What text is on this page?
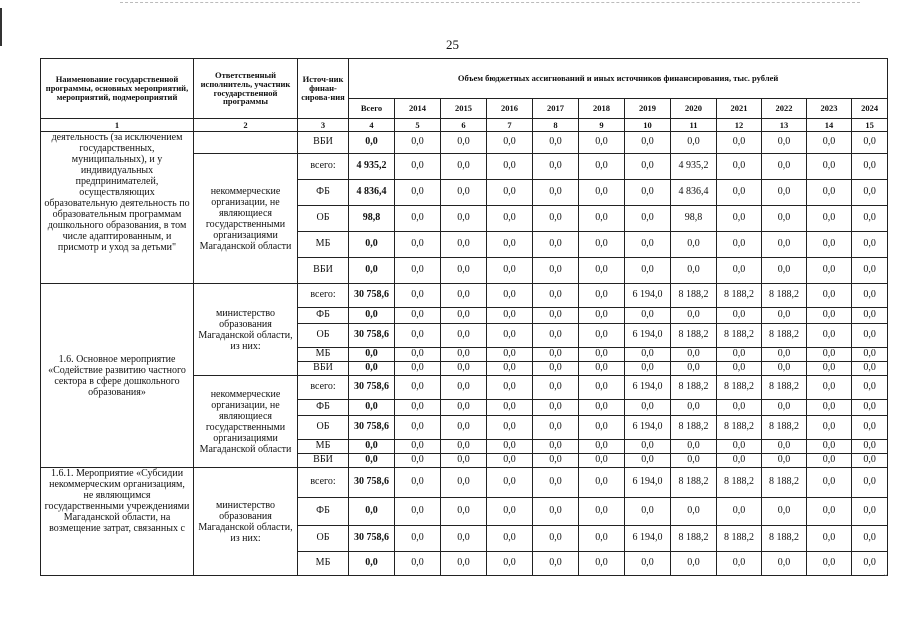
25
Наименование государственной программы, основных мероприятий, мероприятий, подмероприятий	Ответственный исполнитель, участник государственной программы	Источ-ник финан-сирова-ния	Объем бюджетных ассигнований и иных источников финансирования, тыс. рублей											
			Всего	2014	2015	2016	2017	2018	2019	2020	2021	2022	2023	2024
1	2	3	4	5	6	7	8	9	10	11	12	13	14	15
деятельность (за исключением государственных, муниципальных), и у индивидуальных предпринимателей, осуществляющих образовательную деятельность по образовательным программам дошкольного образования, в том числе адаптированным, и присмотр и уход за детьми"		ВБИ	0,0	0,0	0,0	0,0	0,0	0,0	0,0	0,0	0,0	0,0	0,0	0,0
	некоммерческие организации, не являющиеся государственными организациями Магаданской области	всего:	4 935,2	0,0	0,0	0,0	0,0	0,0	0,0	4 935,2	0,0	0,0	0,0	0,0
		ФБ	4 836,4	0,0	0,0	0,0	0,0	0,0	0,0	4 836,4	0,0	0,0	0,0	0,0
		ОБ	98,8	0,0	0,0	0,0	0,0	0,0	0,0	98,8	0,0	0,0	0,0	0,0
		МБ	0,0	0,0	0,0	0,0	0,0	0,0	0,0	0,0	0,0	0,0	0,0	0,0
		ВБИ	0,0	0,0	0,0	0,0	0,0	0,0	0,0	0,0	0,0	0,0	0,0	0,0
1.6. Основное мероприятие «Содействие развитию частного сектора в сфере дошкольного образования»	министерство образования Магаданской области, из них:	всего:	30 758,6	0,0	0,0	0,0	0,0	0,0	6 194,0	8 188,2	8 188,2	8 188,2	0,0	0,0
		ФБ	0,0	0,0	0,0	0,0	0,0	0,0	0,0	0,0	0,0	0,0	0,0	0,0
		ОБ	30 758,6	0,0	0,0	0,0	0,0	0,0	6 194,0	8 188,2	8 188,2	8 188,2	0,0	0,0
		МБ	0,0	0,0	0,0	0,0	0,0	0,0	0,0	0,0	0,0	0,0	0,0	0,0
		ВБИ	0,0	0,0	0,0	0,0	0,0	0,0	0,0	0,0	0,0	0,0	0,0	0,0
	некоммерческие организации, не являющиеся государственными организациями Магаданской области	всего:	30 758,6	0,0	0,0	0,0	0,0	0,0	6 194,0	8 188,2	8 188,2	8 188,2	0,0	0,0
		ФБ	0,0	0,0	0,0	0,0	0,0	0,0	0,0	0,0	0,0	0,0	0,0	0,0
		ОБ	30 758,6	0,0	0,0	0,0	0,0	0,0	6 194,0	8 188,2	8 188,2	8 188,2	0,0	0,0
		МБ	0,0	0,0	0,0	0,0	0,0	0,0	0,0	0,0	0,0	0,0	0,0	0,0
		ВБИ	0,0	0,0	0,0	0,0	0,0	0,0	0,0	0,0	0,0	0,0	0,0	0,0
1.6.1. Мероприятие «Субсидии некоммерческим организациям, не являющимся государственными учреждениями Магаданской области, на возмещение затрат, связанных с	министерство образования Магаданской области, из них:	всего:	30 758,6	0,0	0,0	0,0	0,0	0,0	6 194,0	8 188,2	8 188,2	8 188,2	0,0	0,0
		ФБ	0,0	0,0	0,0	0,0	0,0	0,0	0,0	0,0	0,0	0,0	0,0	0,0
		ОБ	30 758,6	0,0	0,0	0,0	0,0	0,0	6 194,0	8 188,2	8 188,2	8 188,2	0,0	0,0
		МБ	0,0	0,0	0,0	0,0	0,0	0,0	0,0	0,0	0,0	0,0	0,0	0,0
ˇ
